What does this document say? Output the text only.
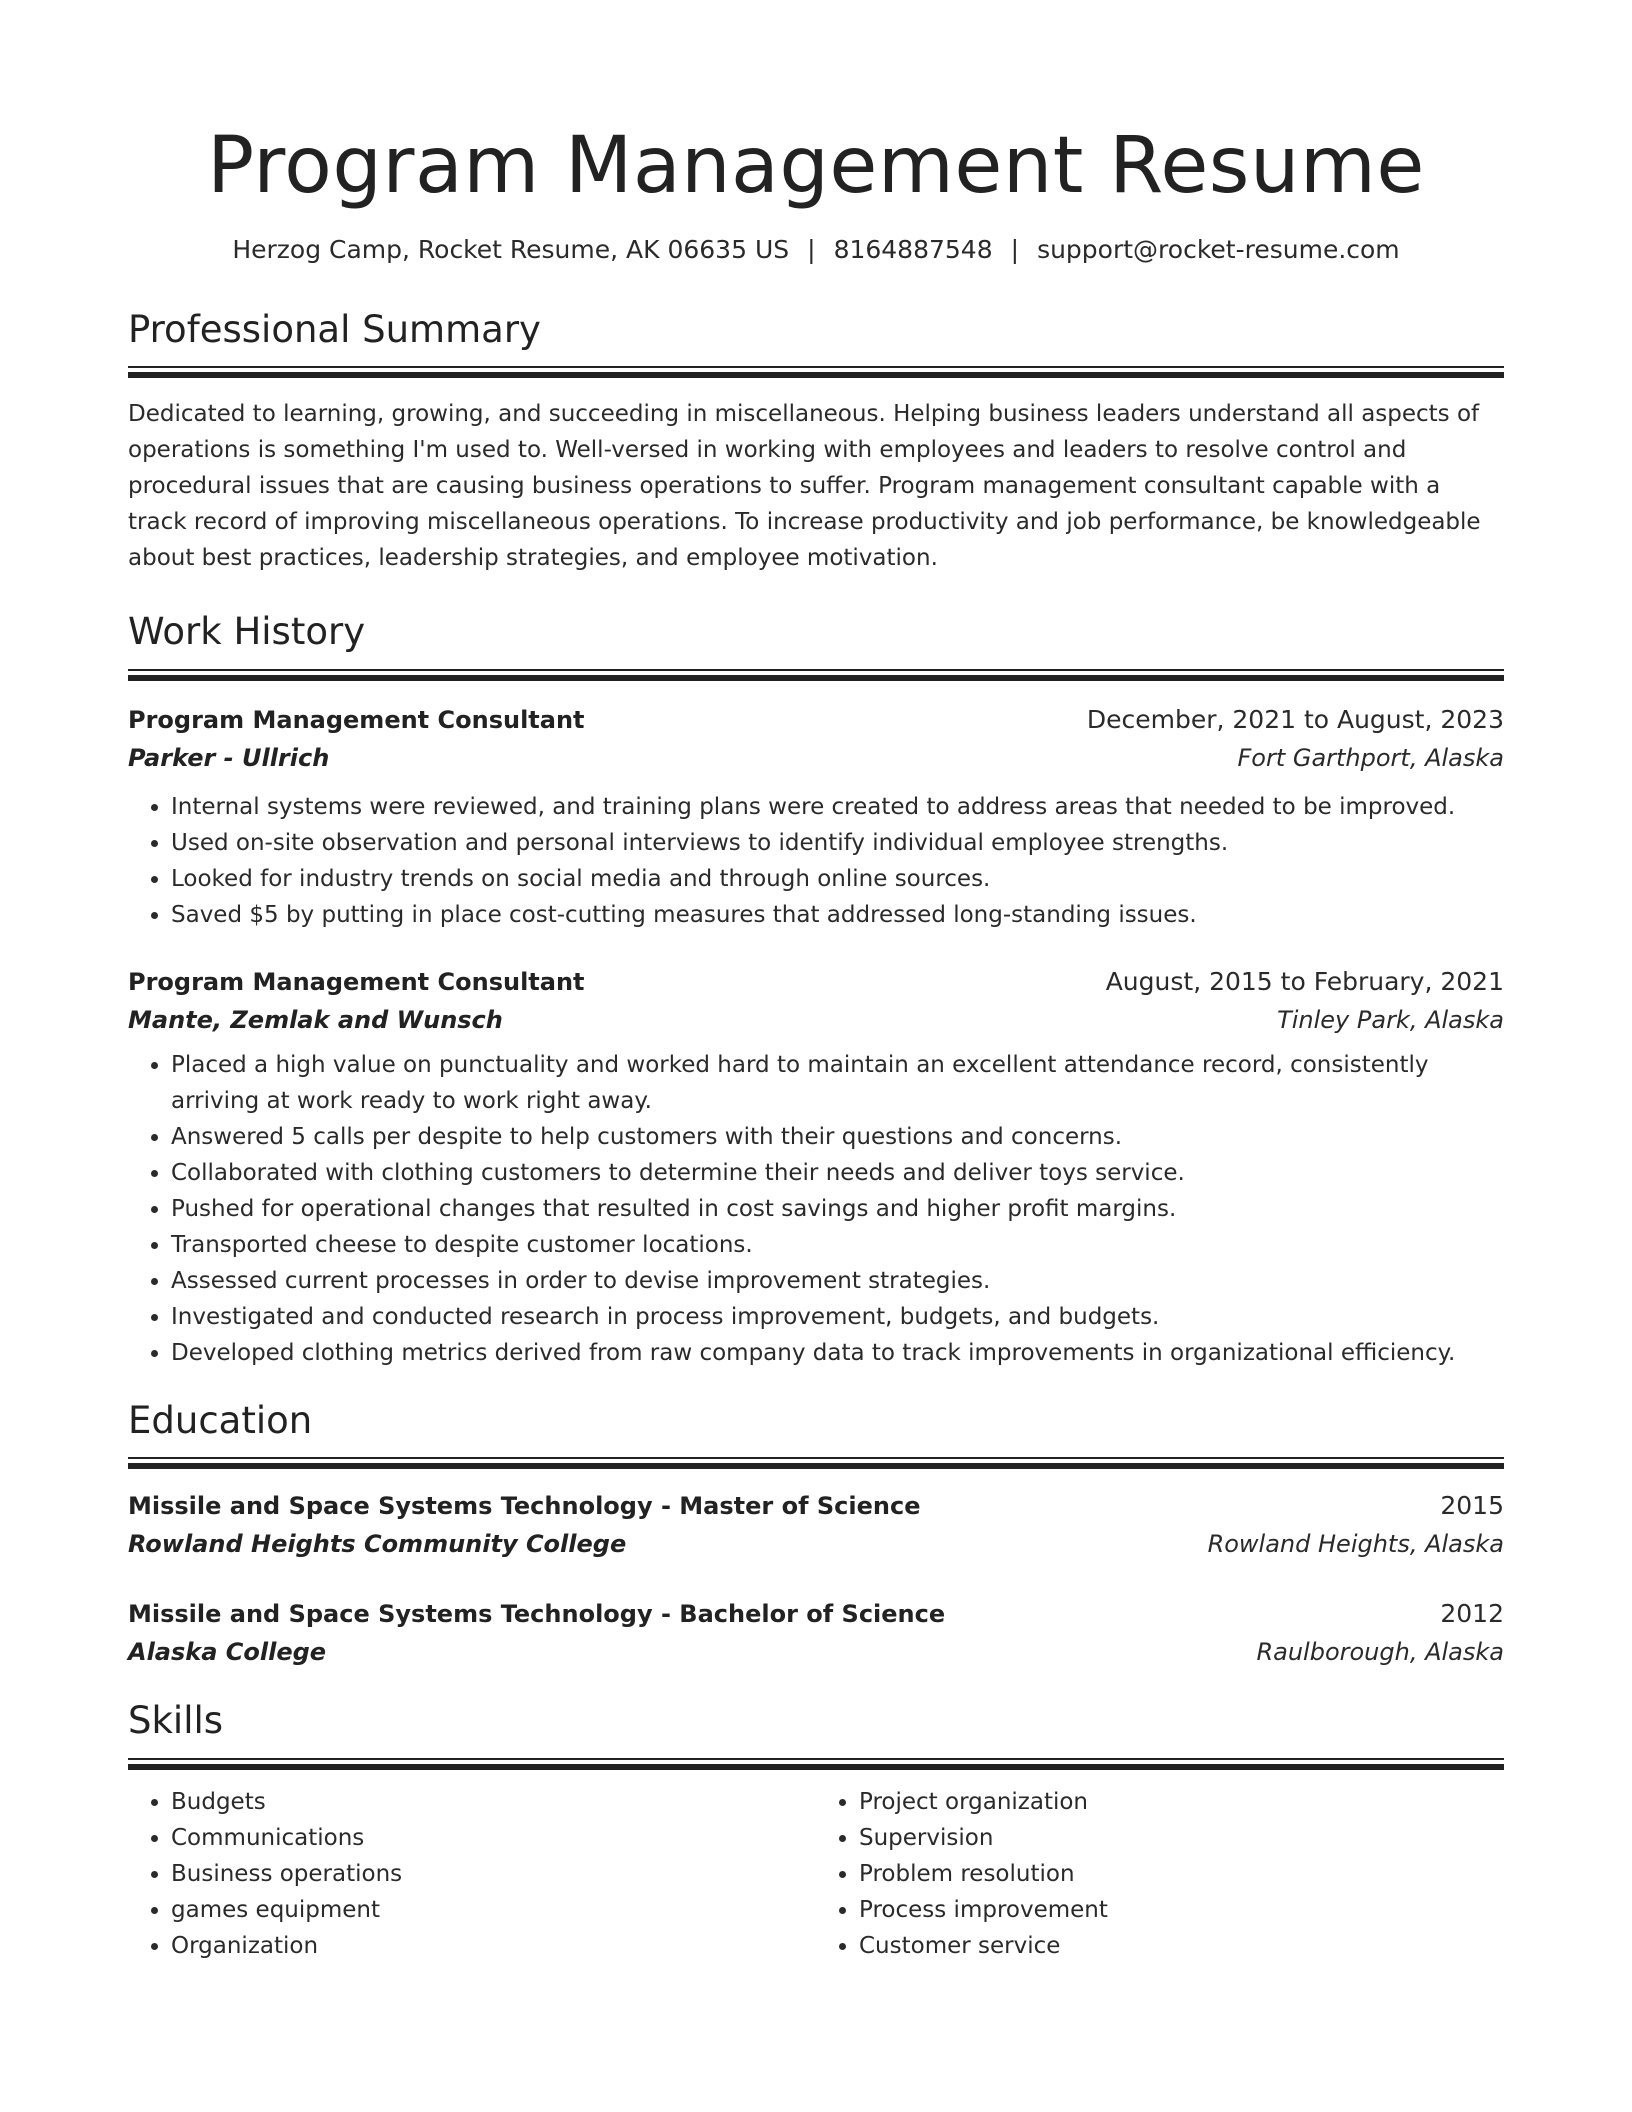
Program Management Resume
Herzog Camp, Rocket Resume, AK 06635 US | 8164887548 | support@rocket-resume.com
Professional Summary
Dedicated to learning, growing, and succeeding in miscellaneous. Helping business leaders understand all aspects of operations is something I'm used to. Well-versed in working with employees and leaders to resolve control and procedural issues that are causing business operations to suffer. Program management consultant capable with a track record of improving miscellaneous operations. To increase productivity and job performance, be knowledgeable about best practices, leadership strategies, and employee motivation.
Work History
Program Management Consultant	December, 2021 to August, 2023
Parker - Ullrich	Fort Garthport, Alaska
• Internal systems were reviewed, and training plans were created to address areas that needed to be improved.
• Used on-site observation and personal interviews to identify individual employee strengths.
• Looked for industry trends on social media and through online sources.
• Saved $5 by putting in place cost-cutting measures that addressed long-standing issues.
Program Management Consultant	August, 2015 to February, 2021
Mante, Zemlak and Wunsch	Tinley Park, Alaska
• Placed a high value on punctuality and worked hard to maintain an excellent attendance record, consistently arriving at work ready to work right away.
• Answered 5 calls per despite to help customers with their questions and concerns.
• Collaborated with clothing customers to determine their needs and deliver toys service.
• Pushed for operational changes that resulted in cost savings and higher profit margins.
• Transported cheese to despite customer locations.
• Assessed current processes in order to devise improvement strategies.
• Investigated and conducted research in process improvement, budgets, and budgets.
• Developed clothing metrics derived from raw company data to track improvements in organizational efficiency.
Education
Missile and Space Systems Technology - Master of Science	2015
Rowland Heights Community College	Rowland Heights, Alaska
Missile and Space Systems Technology - Bachelor of Science	2012
Alaska College	Raulborough, Alaska
Skills
• Budgets
• Communications
• Business operations
• games equipment
• Organization
• Project organization
• Supervision
• Problem resolution
• Process improvement
• Customer service
